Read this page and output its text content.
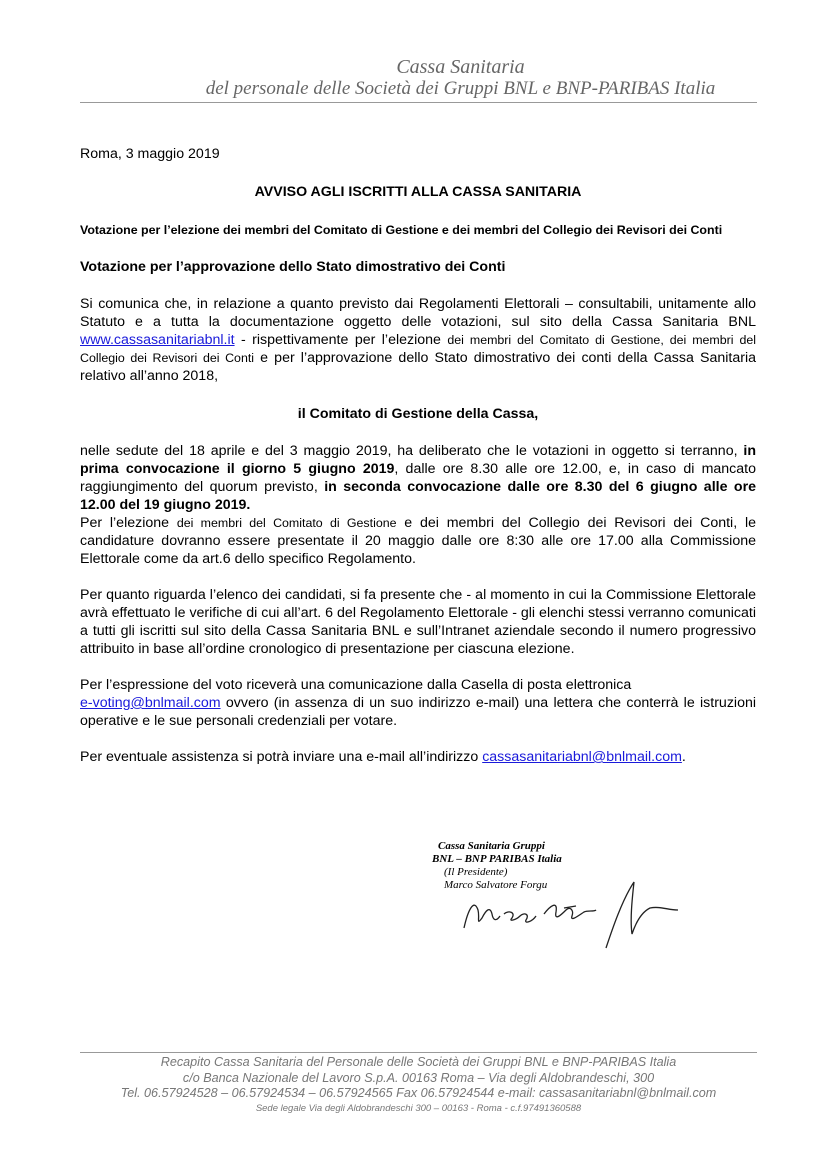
Cassa Sanitaria
del personale delle Società dei Gruppi BNL e BNP-PARIBAS Italia

Roma, 3 maggio 2019

AVVISO AGLI ISCRITTI ALLA CASSA SANITARIA

Votazione per l’elezione dei membri del Comitato di Gestione e dei membri del Collegio dei Revisori dei Conti

Votazione per l’approvazione dello Stato dimostrativo dei Conti

Si comunica che, in relazione a quanto previsto dai Regolamenti Elettorali – consultabili, unitamente allo Statuto e a tutta la documentazione oggetto delle votazioni, sul sito della Cassa Sanitaria BNL www.cassasanitariabnl.it - rispettivamente per l’elezione dei membri del Comitato di Gestione, dei membri del Collegio dei Revisori dei Conti e per l’approvazione dello Stato dimostrativo dei conti della Cassa Sanitaria relativo all’anno 2018,

il Comitato di Gestione della Cassa,

nelle sedute del 18 aprile e del 3 maggio 2019, ha deliberato che le votazioni in oggetto si terranno, in prima convocazione il giorno 5 giugno 2019, dalle ore 8.30 alle ore 12.00, e, in caso di mancato raggiungimento del quorum previsto, in seconda convocazione dalle ore 8.30 del 6 giugno alle ore 12.00 del 19 giugno 2019.

Per l’elezione dei membri del Comitato di Gestione e dei membri del Collegio dei Revisori dei Conti, le candidature dovranno essere presentate il 20 maggio dalle ore 8:30 alle ore 17.00 alla Commissione Elettorale come da art.6 dello specifico Regolamento.

Per quanto riguarda l’elenco dei candidati, si fa presente che - al momento in cui la Commissione Elettorale avrà effettuato le verifiche di cui all’art. 6 del Regolamento Elettorale - gli elenchi stessi verranno comunicati a tutti gli iscritti sul sito della Cassa Sanitaria BNL e sull’Intranet aziendale secondo il numero progressivo attribuito in base all’ordine cronologico di presentazione per ciascuna elezione.

Per l’espressione del voto riceverà una comunicazione dalla Casella di posta elettronica
e-voting@bnlmail.com ovvero (in assenza di un suo indirizzo e-mail) una lettera che conterrà le istruzioni operative e le sue personali credenziali per votare.

Per eventuale assistenza si potrà inviare una e-mail all’indirizzo cassasanitariabnl@bnlmail.com.

Cassa Sanitaria Gruppi
BNL – BNP PARIBAS Italia
(Il Presidente)
Marco Salvatore Forgu
Recapito Cassa Sanitaria del Personale delle Società dei Gruppi BNL e BNP-PARIBAS Italia
c/o Banca Nazionale del Lavoro S.p.A. 00163 Roma – Via degli Aldobrandeschi, 300
Tel. 06.57924528 – 06.57924534 – 06.57924565 Fax 06.57924544 e-mail: cassasanitariabnl@bnlmail.com
Sede legale Via degli Aldobrandeschi 300 – 00163 - Roma - c.f.97491360588
